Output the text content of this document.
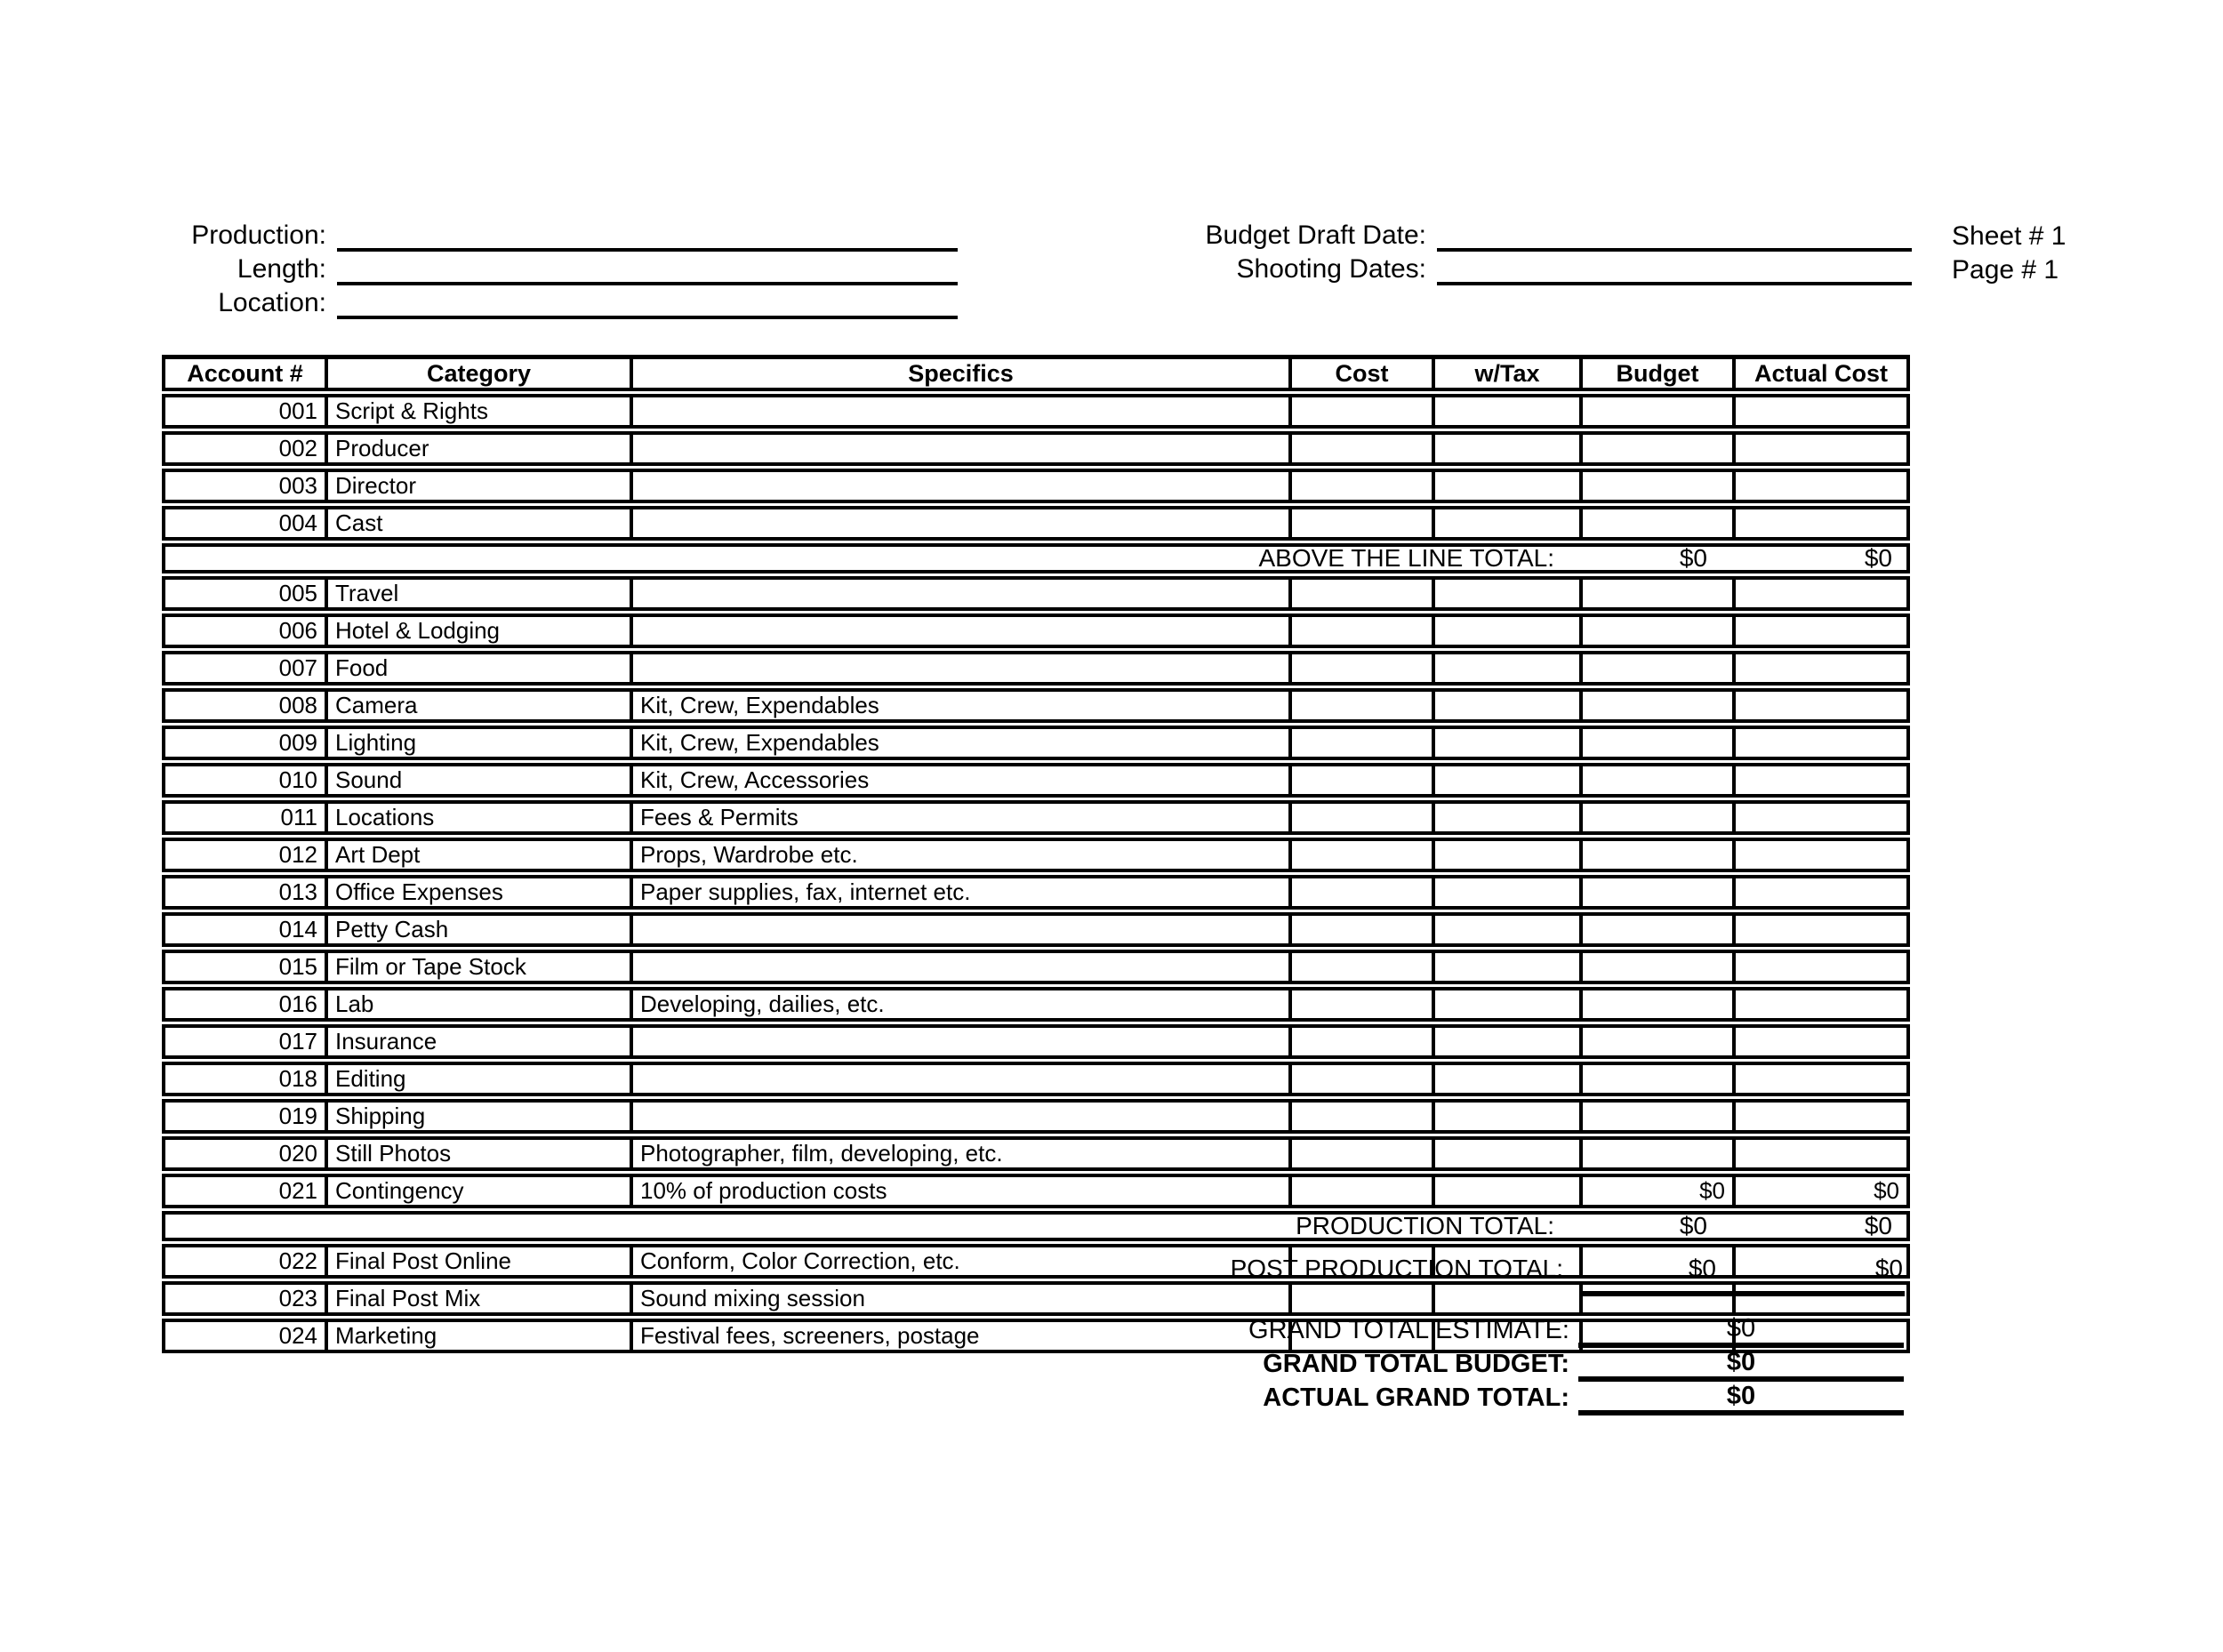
Production:
Length:
Location:
Budget Draft Date:
Shooting Dates:
Sheet # 1
Page # 1
Account #	Category	Specifics	Cost	w/Tax	Budget	Actual Cost
001	Script & Rights					
002	Producer					
003	Director					
004	Cast					

ABOVE THE LINE TOTAL: $0 $0						

005	Travel					
006	Hotel & Lodging					
007	Food					
008	Camera	Kit, Crew, Expendables				
009	Lighting	Kit, Crew, Expendables				
010	Sound	Kit, Crew, Accessories				
011	Locations	Fees & Permits				
012	Art Dept	Props, Wardrobe etc.				
013	Office Expenses	Paper supplies, fax, internet etc.				
014	Petty Cash					
015	Film or Tape Stock					
016	Lab	Developing, dailies, etc.				
017	Insurance					
018	Editing					
019	Shipping					
020	Still Photos	Photographer, film, developing, etc.				
021	Contingency	10% of production costs			$0	$0

PRODUCTION TOTAL: $0 $0						

022	Final Post Online	Conform, Color Correction, etc.				
023	Final Post Mix	Sound mixing session				
024	Marketing	Festival fees, screeners, postage				
POST PRODUCTION TOTAL:	$0	$0
GRAND TOTAL ESTIMATE:	$0
GRAND TOTAL BUDGET:	$0
ACTUAL GRAND TOTAL:	$0
